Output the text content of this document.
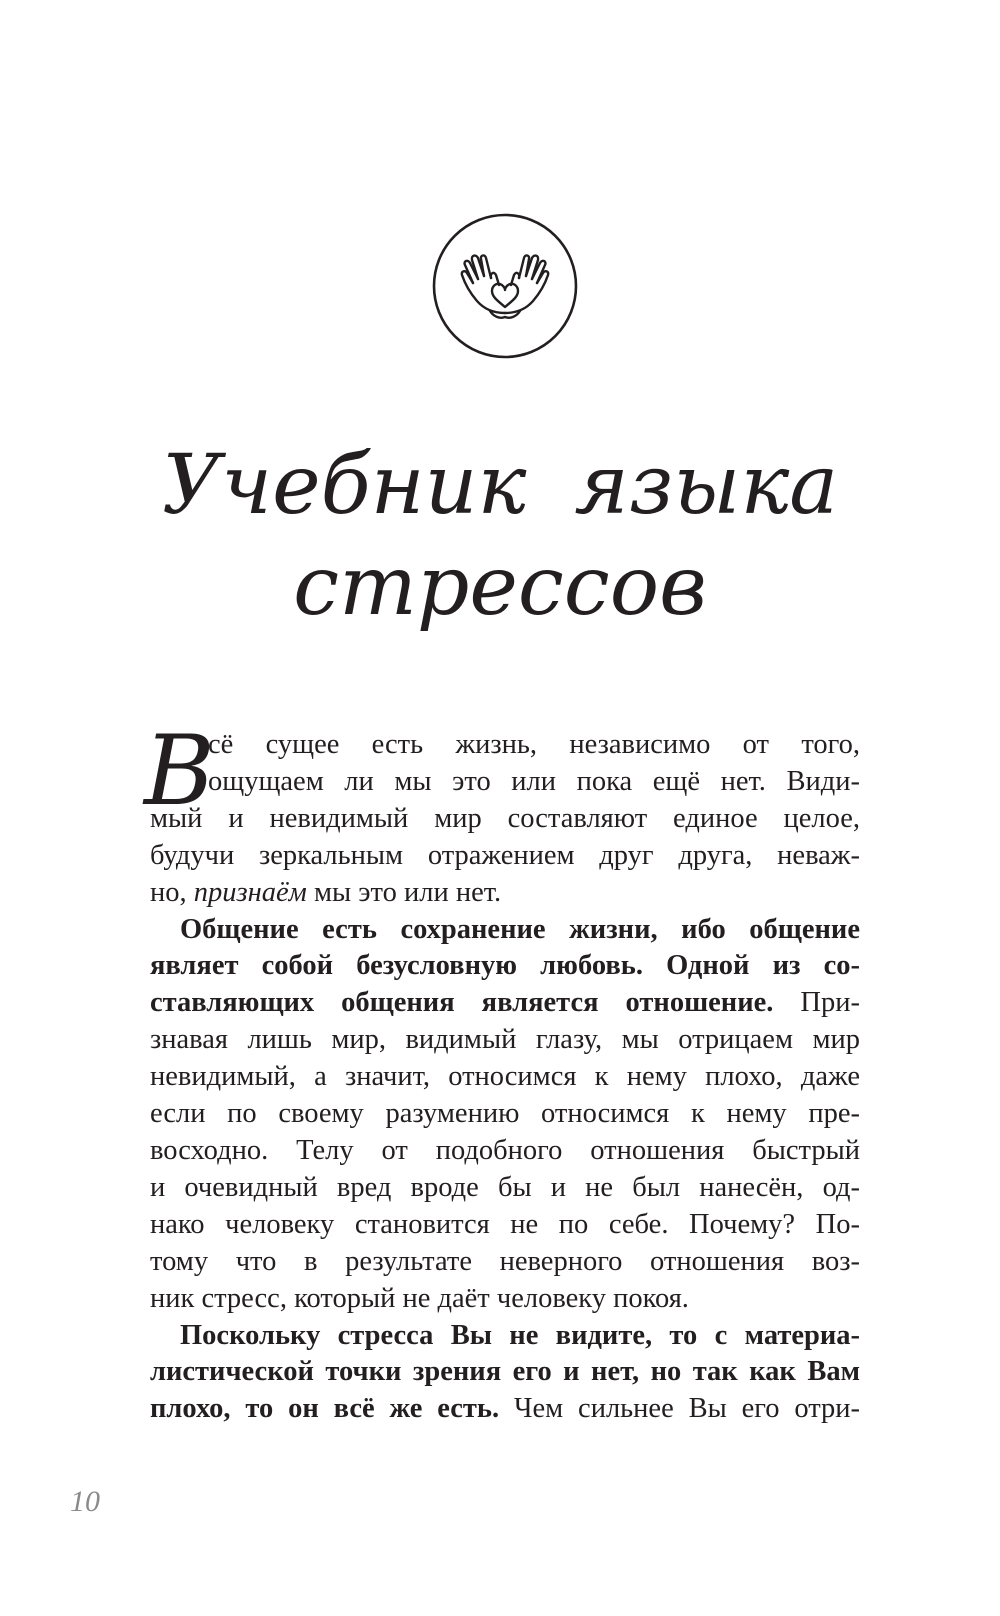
Учебник языка
стрессов

В
сё сущее есть жизнь, независимо от того,
ощущаем ли мы это или пока ещё нет. Види-
мый и невидимый мир составляют единое целое,
будучи зеркальным отражением друг друга, неваж-
но, признаём мы это или нет.

Общение есть сохранение жизни, ибо общение
являет собой безусловную любовь. Одной из со-
ставляющих общения является отношение. При-
знавая лишь мир, видимый глазу, мы отрицаем мир
невидимый, а значит, относимся к нему плохо, даже
если по своему разумению относимся к нему пре-
восходно. Телу от подобного отношения быстрый
и очевидный вред вроде бы и не был нанесён, од-
нако человеку становится не по себе. Почему? По-
тому что в результате неверного отношения воз-
ник стресс, который не даёт человеку покоя.

Поскольку стресса Вы не видите, то с материа-
листической точки зрения его и нет, но так как Вам
плохо, то он всё же есть. Чем сильнее Вы его отри-

10
